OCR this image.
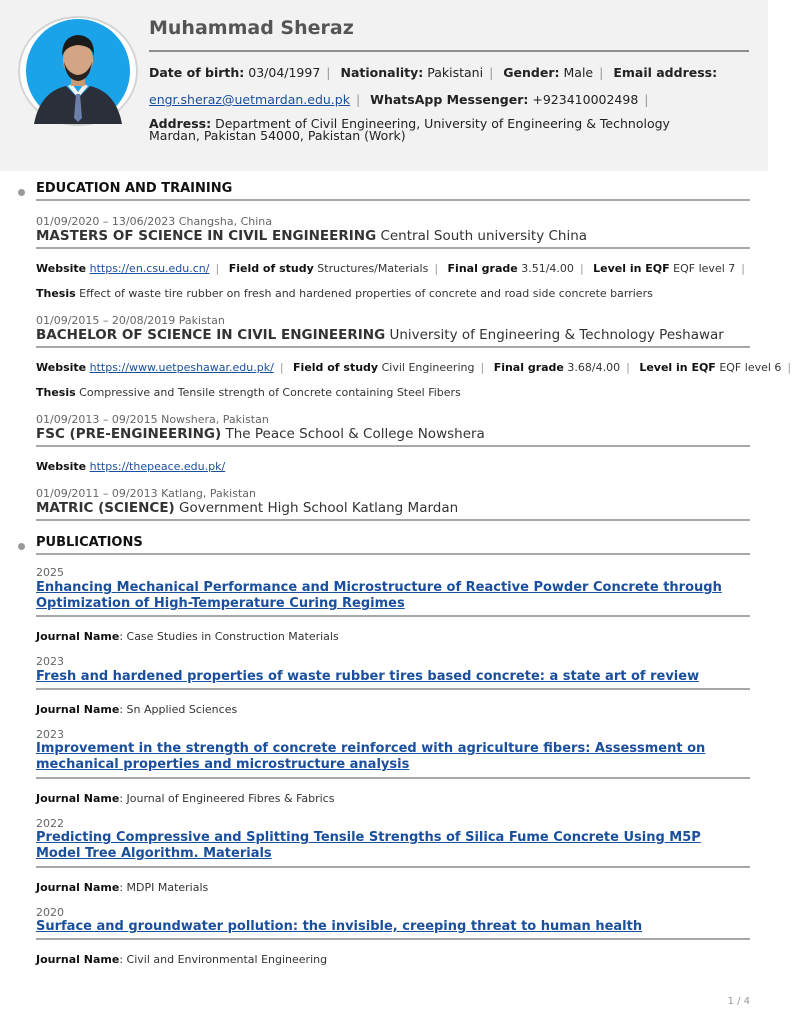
Muhammad Sheraz
Date of birth: 03/04/1997 | Nationality: Pakistani | Gender: Male | Email address:
engr.sheraz@uetmardan.edu.pk | WhatsApp Messenger: +923410002498 |
Address: Department of Civil Engineering, University of Engineering & Technology Mardan, Pakistan 54000, Pakistan (Work)
EDUCATION AND TRAINING
01/09/2020 – 13/06/2023 Changsha, China
MASTERS OF SCIENCE IN CIVIL ENGINEERING Central South university China
Website https://en.csu.edu.cn/ | Field of study Structures/Materials | Final grade 3.51/4.00 | Level in EQF EQF level 7 |
Thesis Effect of waste tire rubber on fresh and hardened properties of concrete and road side concrete barriers
01/09/2015 – 20/08/2019 Pakistan
BACHELOR OF SCIENCE IN CIVIL ENGINEERING University of Engineering & Technology Peshawar
Website https://www.uetpeshawar.edu.pk/ | Field of study Civil Engineering | Final grade 3.68/4.00 | Level in EQF EQF level 6 |
Thesis Compressive and Tensile strength of Concrete containing Steel Fibers
01/09/2013 – 09/2015 Nowshera, Pakistan
FSC (PRE-ENGINEERING) The Peace School & College Nowshera
Website https://thepeace.edu.pk/
01/09/2011 – 09/2013 Katlang, Pakistan
MATRIC (SCIENCE) Government High School Katlang Mardan
PUBLICATIONS
2025
Enhancing Mechanical Performance and Microstructure of Reactive Powder Concrete through Optimization of High-Temperature Curing Regimes
Journal Name: Case Studies in Construction Materials
2023
Fresh and hardened properties of waste rubber tires based concrete: a state art of review
Journal Name: Sn Applied Sciences
2023
Improvement in the strength of concrete reinforced with agriculture fibers: Assessment on mechanical properties and microstructure analysis
Journal Name: Journal of Engineered Fibres & Fabrics
2022
Predicting Compressive and Splitting Tensile Strengths of Silica Fume Concrete Using M5P Model Tree Algorithm. Materials
Journal Name: MDPI Materials
2020
Surface and groundwater pollution: the invisible, creeping threat to human health
Journal Name: Civil and Environmental Engineering
1 / 4
